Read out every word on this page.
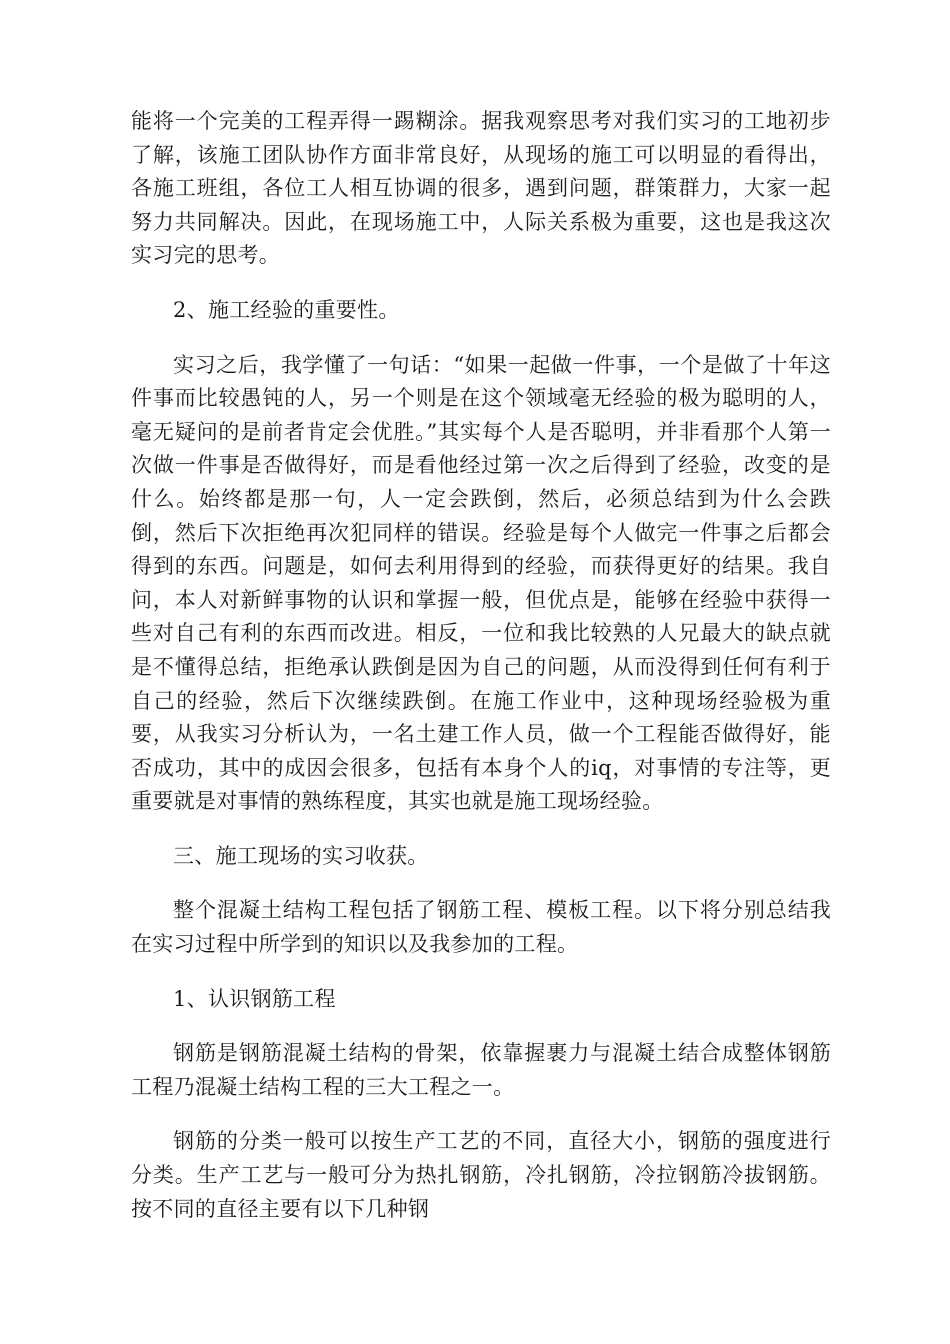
能将一个完美的工程弄得一踢糊涂。据我观察思考对我们实习的工地初步了解，该施工团队协作方面非常良好，从现场的施工可以明显的看得出，各施工班组，各位工人相互协调的很多，遇到问题，群策群力，大家一起努力共同解决。因此，在现场施工中，人际关系极为重要，这也是我这次实习完的思考。

2、施工经验的重要性。

实习之后，我学懂了一句话：“如果一起做一件事，一个是做了十年这件事而比较愚钝的人，另一个则是在这个领域毫无经验的极为聪明的人，毫无疑问的是前者肯定会优胜。”其实每个人是否聪明，并非看那个人第一次做一件事是否做得好，而是看他经过第一次之后得到了经验，改变的是什么。始终都是那一句，人一定会跌倒，然后，必须总结到为什么会跌倒，然后下次拒绝再次犯同样的错误。经验是每个人做完一件事之后都会得到的东西。问题是，如何去利用得到的经验，而获得更好的结果。我自问，本人对新鲜事物的认识和掌握一般，但优点是，能够在经验中获得一些对自己有利的东西而改进。相反，一位和我比较熟的人兄最大的缺点就是不懂得总结，拒绝承认跌倒是因为自己的问题，从而没得到任何有利于自己的经验，然后下次继续跌倒。在施工作业中，这种现场经验极为重要，从我实习分析认为，一名土建工作人员，做一个工程能否做得好，能否成功，其中的成因会很多，包括有本身个人的iq，对事情的专注等，更重要就是对事情的熟练程度，其实也就是施工现场经验。

三、施工现场的实习收获。

整个混凝土结构工程包括了钢筋工程、模板工程。以下将分别总结我在实习过程中所学到的知识以及我参加的工程。

1、认识钢筋工程

钢筋是钢筋混凝土结构的骨架，依靠握裹力与混凝土结合成整体钢筋工程乃混凝土结构工程的三大工程之一。

钢筋的分类一般可以按生产工艺的不同，直径大小，钢筋的强度进行分类。生产工艺与一般可分为热扎钢筋，冷扎钢筋，冷拉钢筋冷拔钢筋。按不同的直径主要有以下几种钢
